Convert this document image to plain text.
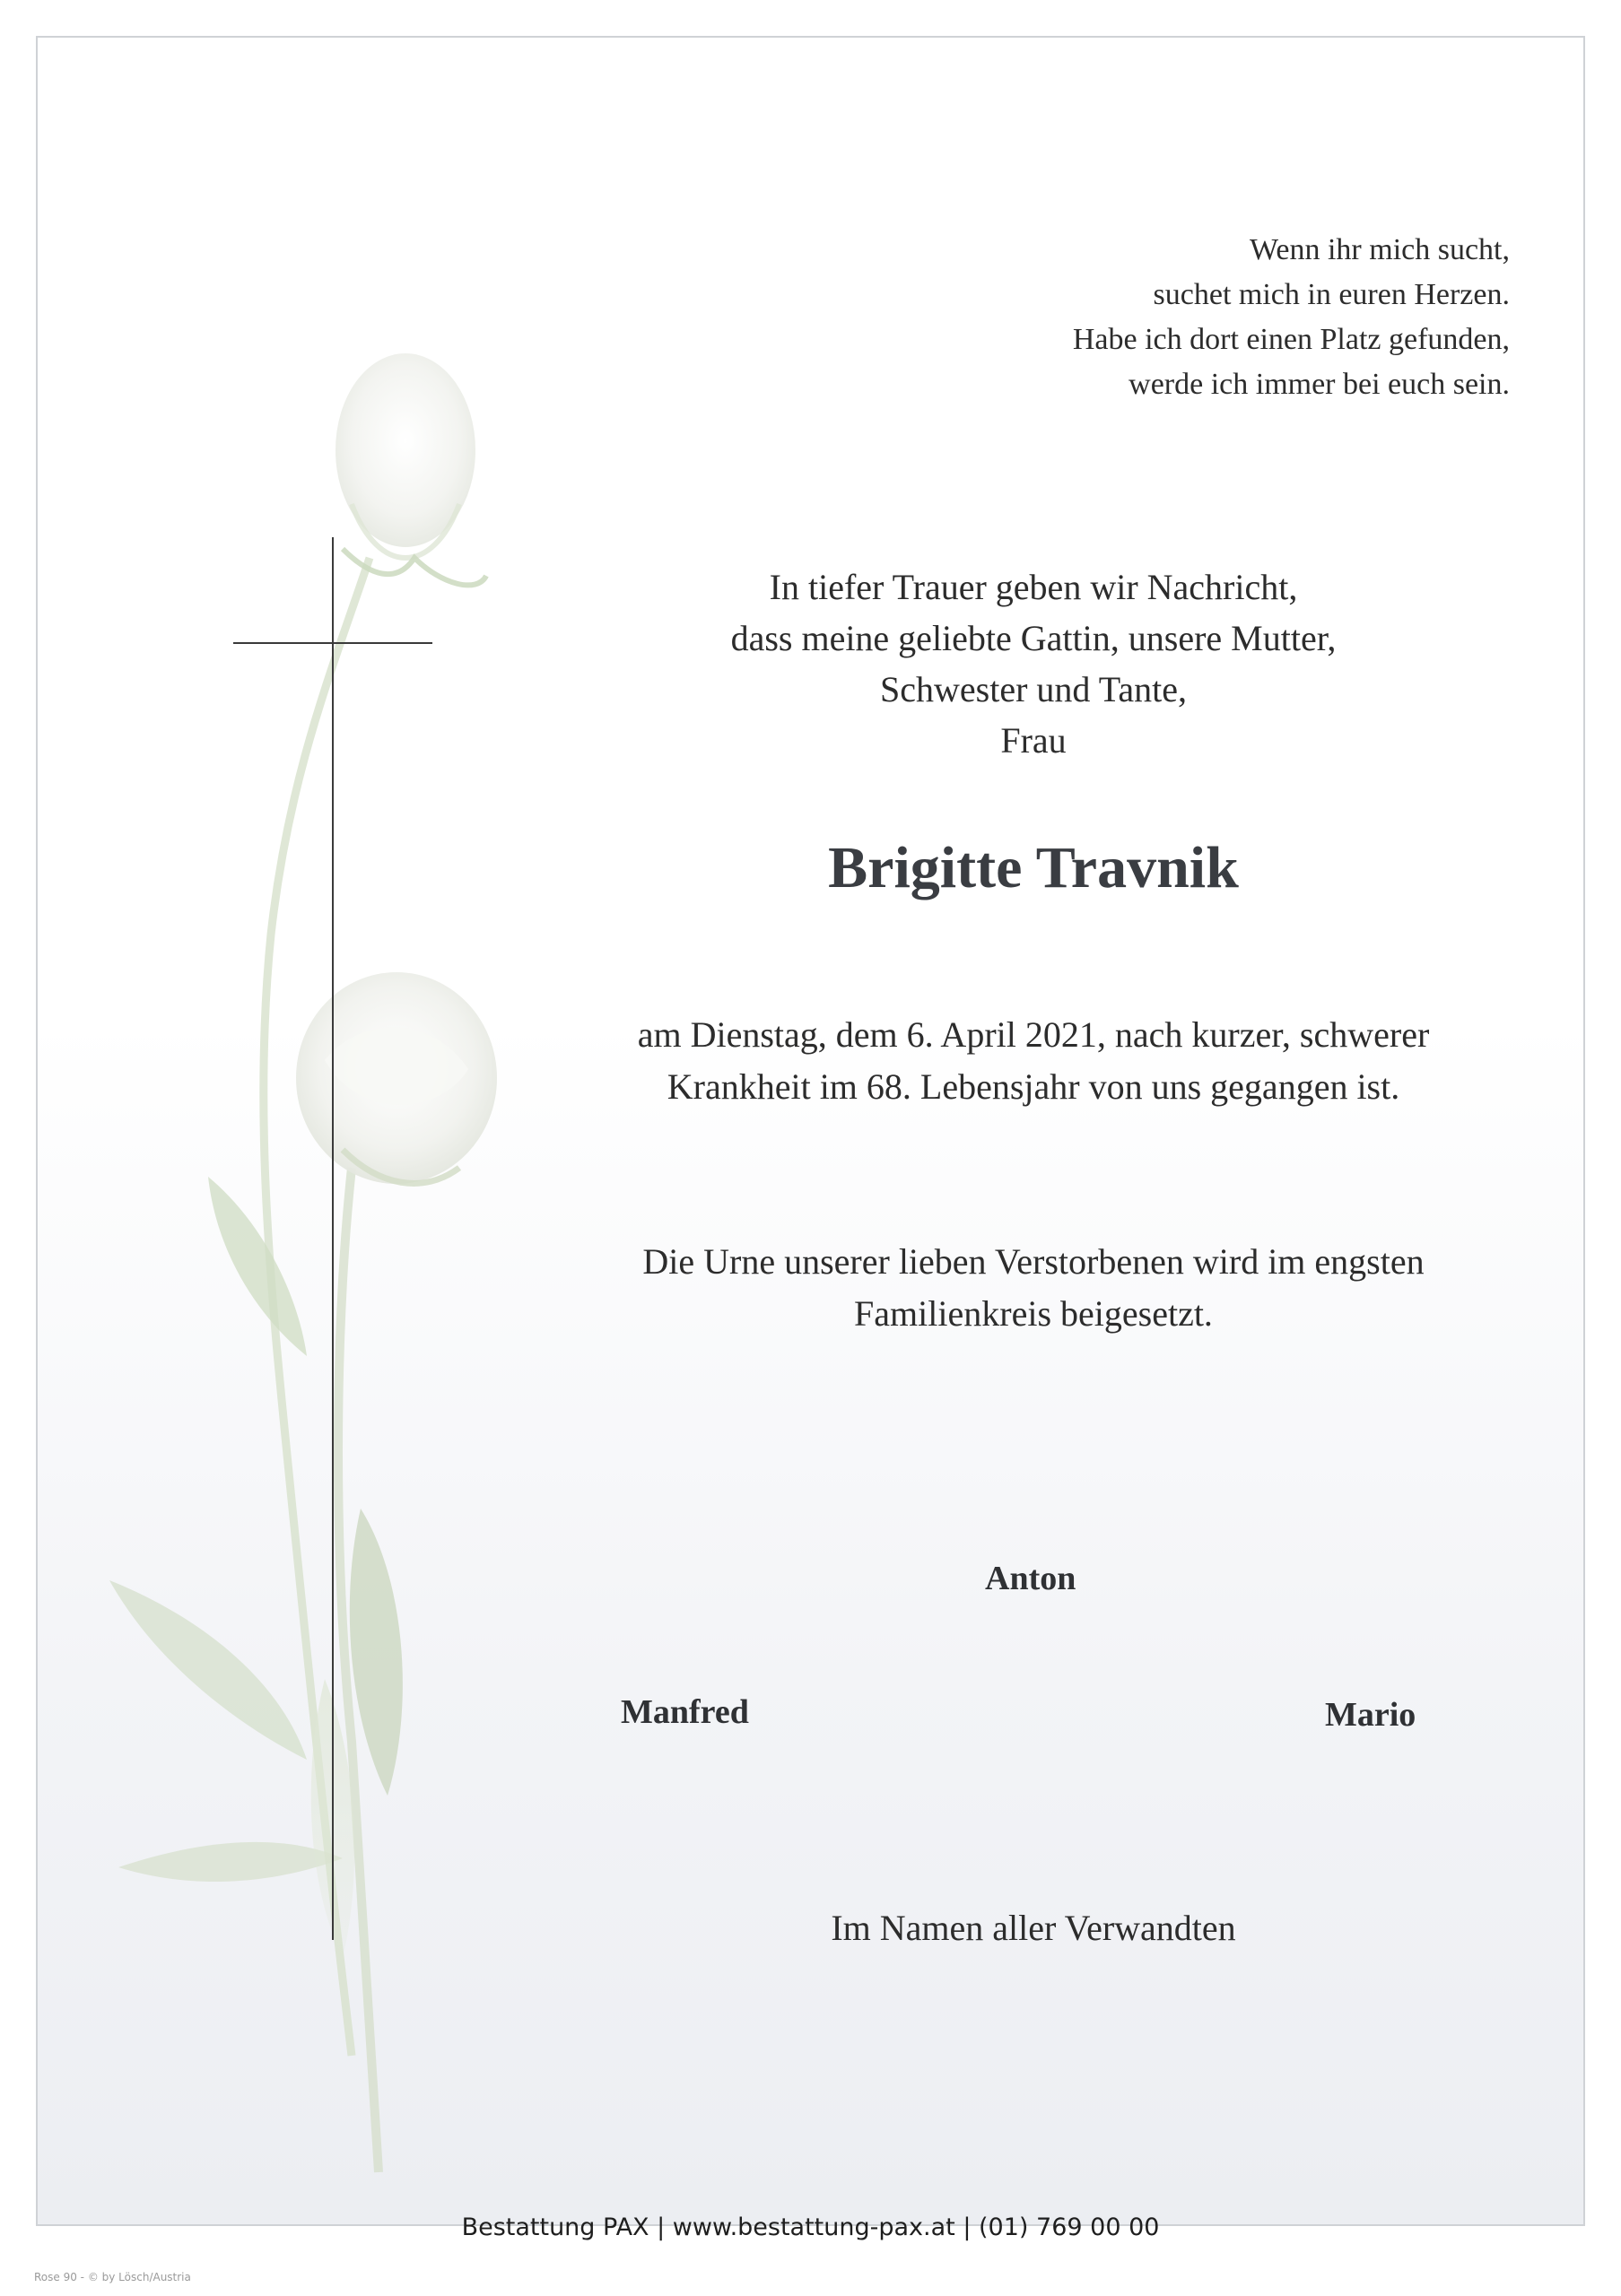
Wenn ihr mich sucht,
suchet mich in euren Herzen.
Habe ich dort einen Platz gefunden,
werde ich immer bei euch sein.
In tiefer Trauer geben wir Nachricht,
dass meine geliebte Gattin, unsere Mutter,
Schwester und Tante,
Frau
Brigitte Travnik
am Dienstag, dem 6. April 2021, nach kurzer, schwerer
Krankheit im 68. Lebensjahr von uns gegangen ist.
Die Urne unserer lieben Verstorbenen wird im engsten
Familienkreis beigesetzt.
Anton
Manfred	Mario
Im Namen aller Verwandten
Bestattung PAX | www.bestattung-pax.at | (01) 769 00 00
Rose 90 - © by Lösch/Austria
